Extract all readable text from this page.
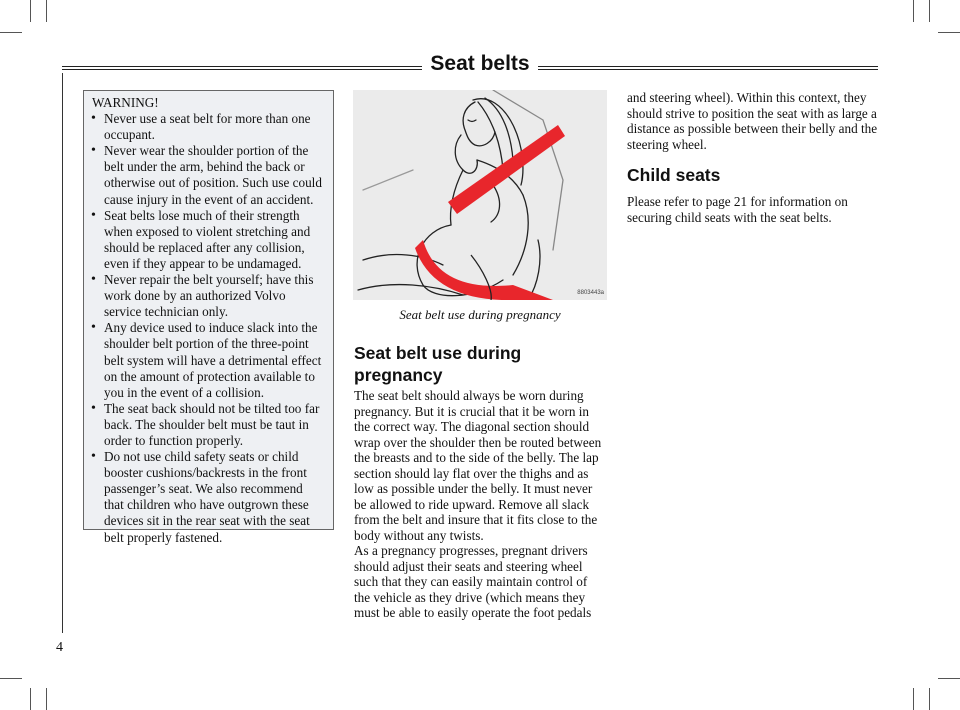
Seat belts
4
WARNING!
• Never use a seat belt for more than one occupant.
• Never wear the shoulder portion of the belt under the arm, behind the back or otherwise out of position. Such use could cause injury in the event of an accident.
• Seat belts lose much of their strength when exposed to violent stretching and should be replaced after any collision, even if they appear to be undamaged.
• Never repair the belt yourself; have this work done by an authorized Volvo service technician only.
• Any device used to induce slack into the shoulder belt portion of the three-point belt system will have a detrimental effect on the amount of protection available to you in the event of a collision.
• The seat back should not be tilted too far back. The shoulder belt must be taut in order to function properly.
• Do not use child safety seats or child booster cushions/backrests in the front passenger’s seat. We also recommend that children who have outgrown these devices sit in the rear seat with the seat belt properly fastened.
8803443a
Seat belt use during pregnancy
Seat belt use during pregnancy

The seat belt should always be worn during pregnancy. But it is crucial that it be worn in the correct way. The diagonal section should wrap over the shoulder then be routed between the breasts and to the side of the belly. The lap section should lay flat over the thighs and as low as possible under the belly. It must never be allowed to ride upward. Remove all slack from the belt and insure that it fits close to the body without any twists.

As a pregnancy progresses, pregnant drivers should adjust their seats and steering wheel such that they can easily maintain control of the vehicle as they drive (which means they must be able to easily operate the foot pedals

and steering wheel). Within this context, they should strive to position the seat with as large a distance as possible between their belly and the steering wheel.

Child seats

Please refer to page 21 for information on securing child seats with the seat belts.
